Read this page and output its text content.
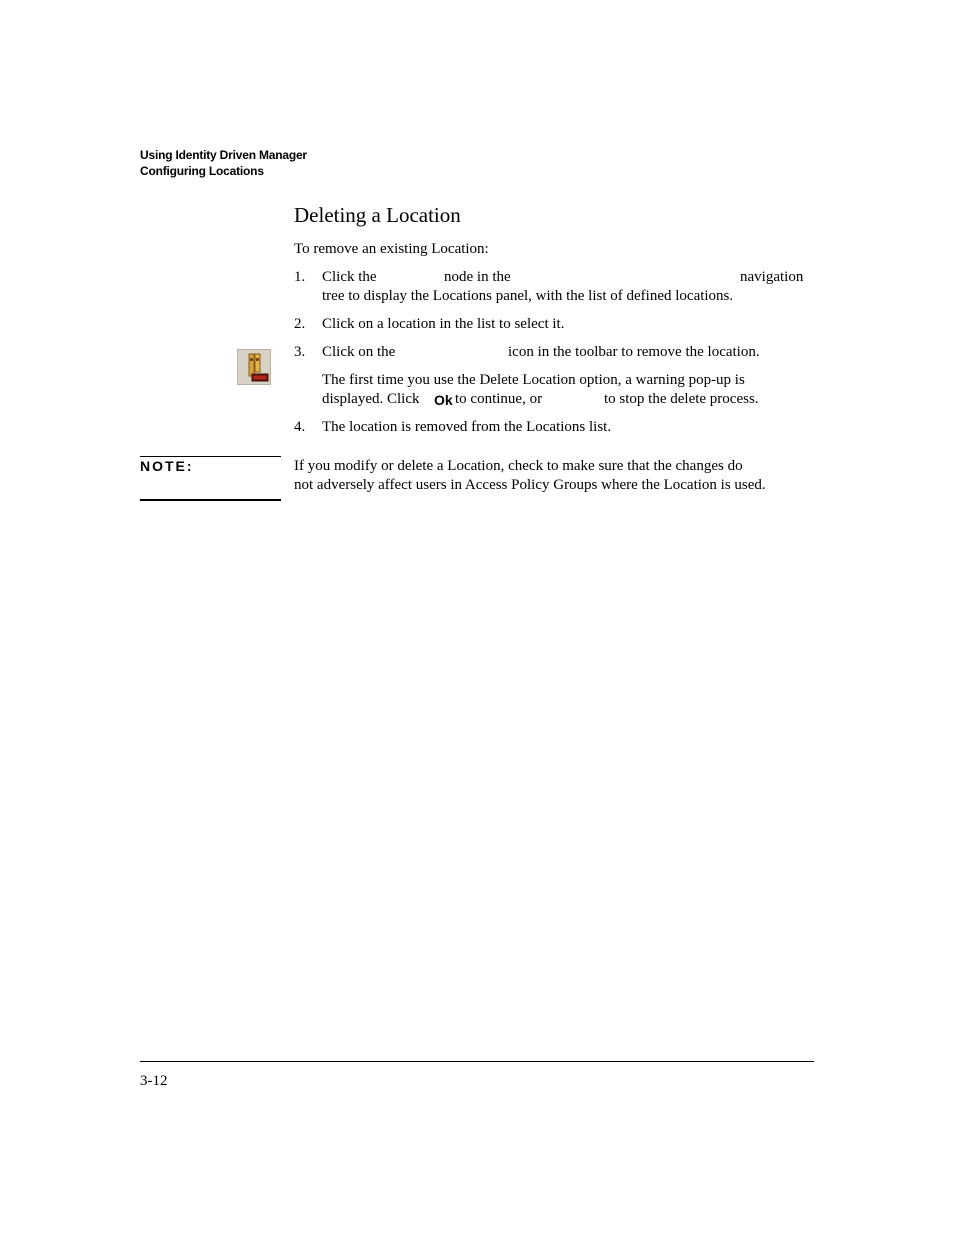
Using Identity Driven Manager
Configuring Locations
Deleting a Location
To remove an existing Location:
1. Click the	node in the	navigation
tree to display the Locations panel, with the list of defined locations.
2. Click on a location in the list to select it.
3. Click on the	icon in the toolbar to remove the location.
The first time you use the Delete Location option, a warning pop-up is
displayed. Click Ok to continue, or	to stop the delete process.
4. The location is removed from the Locations list.
NOTE:	If you modify or delete a Location, check to make sure that the changes do
not adversely affect users in Access Policy Groups where the Location is used.
3-12
